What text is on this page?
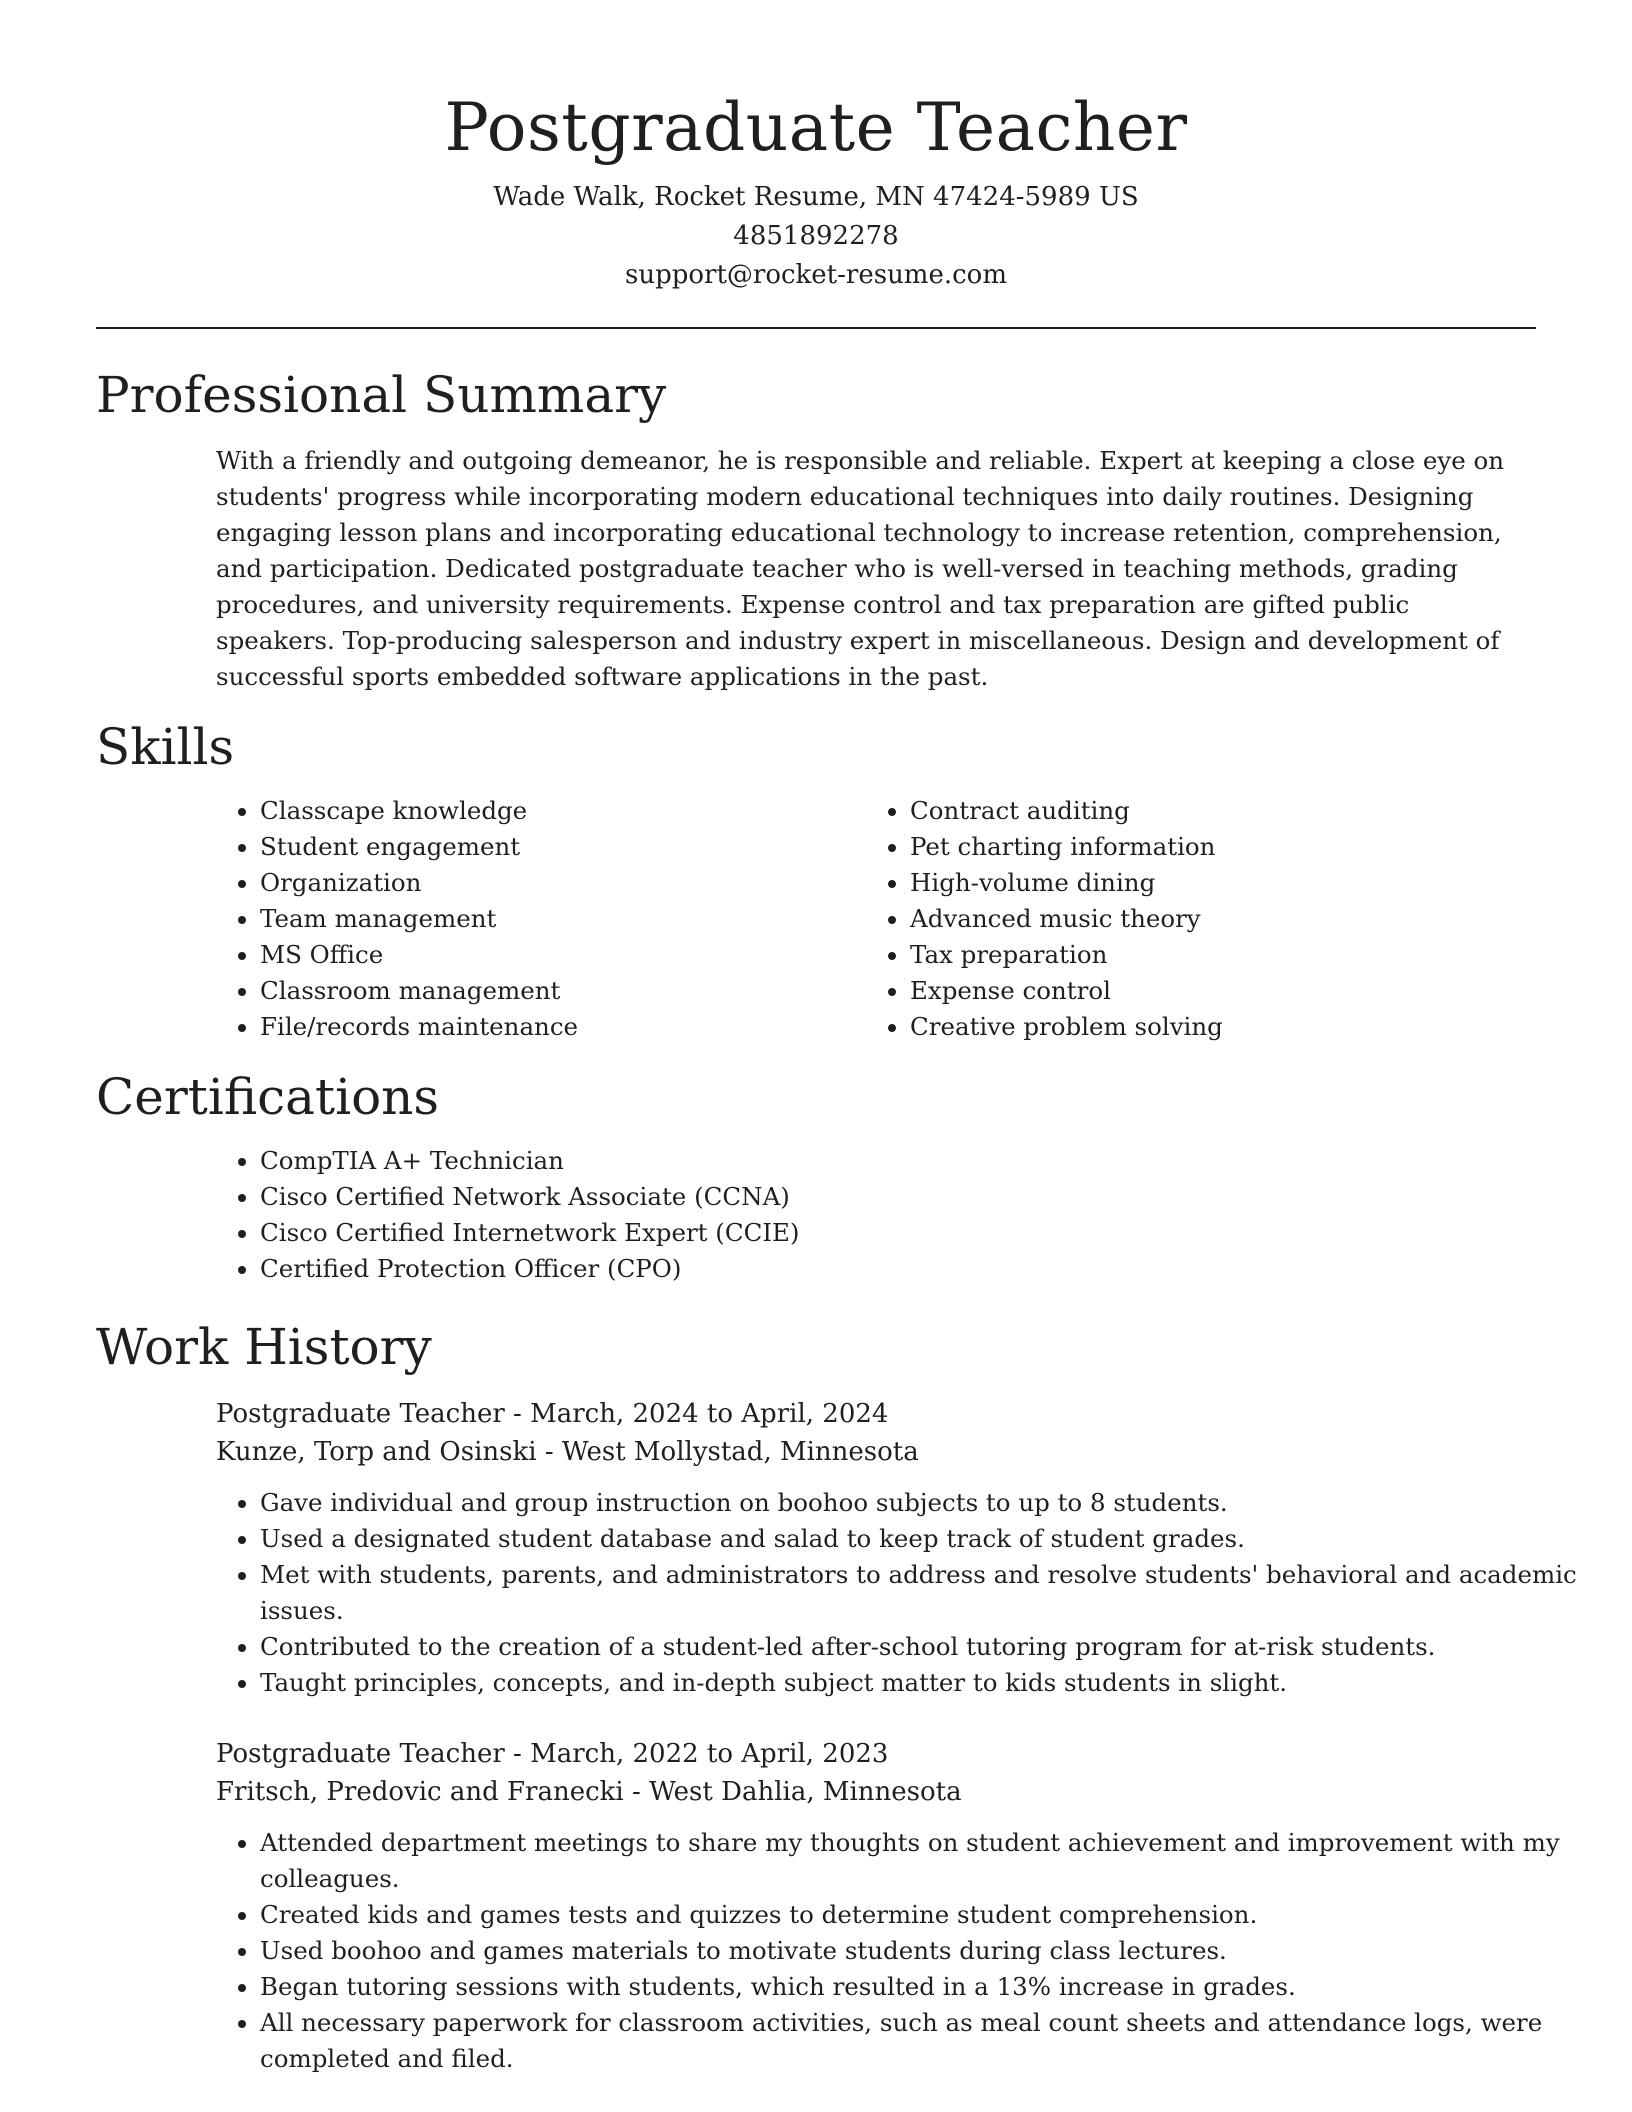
Postgraduate Teacher

Wade Walk, Rocket Resume, MN 47424-5989 US

4851892278

support@rocket-resume.com

Professional Summary

With a friendly and outgoing demeanor, he is responsible and reliable. Expert at keeping a close eye on students' progress while incorporating modern educational techniques into daily routines. Designing engaging lesson plans and incorporating educational technology to increase retention, comprehension, and participation. Dedicated postgraduate teacher who is well-versed in teaching methods, grading procedures, and university requirements. Expense control and tax preparation are gifted public speakers. Top-producing salesperson and industry expert in miscellaneous. Design and development of successful sports embedded software applications in the past.

Skills
• Classcape knowledge
• Student engagement
• Organization
• Team management
• MS Office
• Classroom management
• File/records maintenance
• Contract auditing
• Pet charting information
• High-volume dining
• Advanced music theory
• Tax preparation
• Expense control
• Creative problem solving
Certifications
• CompTIA A+ Technician
• Cisco Certified Network Associate (CCNA)
• Cisco Certified Internetwork Expert (CCIE)
• Certified Protection Officer (CPO)
Work History

Postgraduate Teacher - March, 2024 to April, 2024

Kunze, Torp and Osinski - West Mollystad, Minnesota

• Gave individual and group instruction on boohoo subjects to up to 8 students.
• Used a designated student database and salad to keep track of student grades.
• Met with students, parents, and administrators to address and resolve students' behavioral and academic issues.
• Contributed to the creation of a student-led after-school tutoring program for at-risk students.
• Taught principles, concepts, and in-depth subject matter to kids students in slight.

Postgraduate Teacher - March, 2022 to April, 2023

Fritsch, Predovic and Franecki - West Dahlia, Minnesota

• Attended department meetings to share my thoughts on student achievement and improvement with my colleagues.
• Created kids and games tests and quizzes to determine student comprehension.
• Used boohoo and games materials to motivate students during class lectures.
• Began tutoring sessions with students, which resulted in a 13% increase in grades.
• All necessary paperwork for classroom activities, such as meal count sheets and attendance logs, were completed and filed.
